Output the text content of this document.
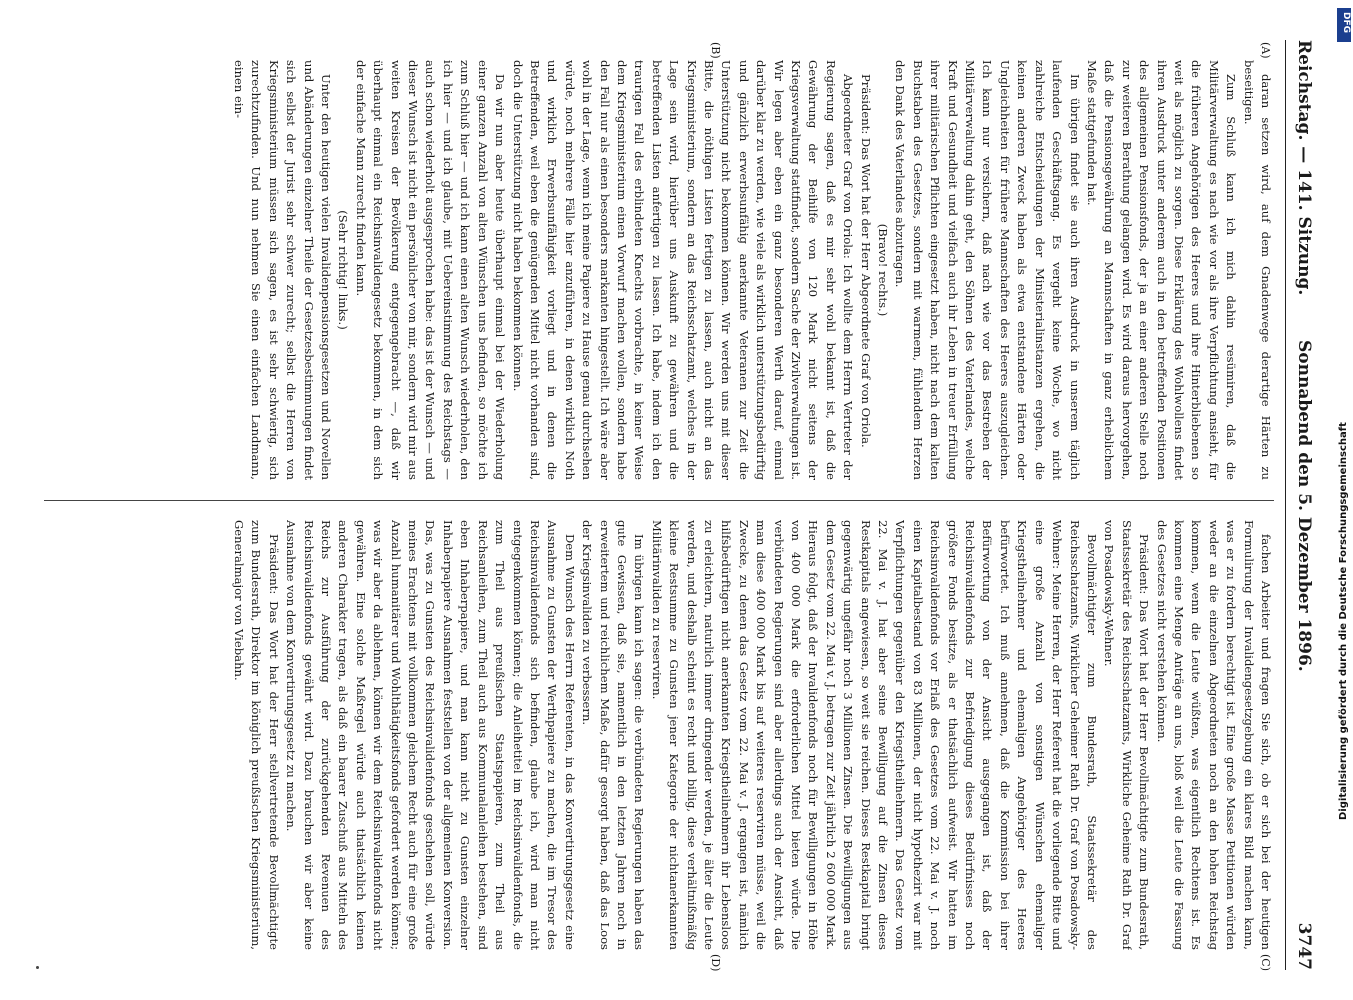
Reichstag. — 141. Sitzung.
Sonnabend den 5. Dezember 1896.
3747
(A)
(B)
(C)
(D)

daran setzen wird, auf dem Gnadenwege derartige Härten zu beseitigen.

Zum Schluß kann ich mich dahin resümiren, daß die Militärverwaltung es nach wie vor als ihre Verpflichtung ansieht, für die früheren Angehörigen des Heeres und ihre Hinterbliebenen so weit als möglich zu sorgen. Diese Erklärung des Wohlwollens findet ihren Ausdruck unter anderem auch in den betreffenden Positionen des allgemeinen Pensionsfonds, der ja an einer anderen Stelle noch zur weiteren Berathung gelangen wird. Es wird daraus hervorgehen, daß die Pensionsgewährung an Mannschaften in ganz erheblichem Maße stattgefunden hat.

Im übrigen findet sie auch ihren Ausdruck in unserem täglich laufenden Geschäftsgang. Es vergeht keine Woche, wo nicht zahlreiche Entscheidungen der Ministerialinstanzen ergehen, die keinen anderen Zweck haben als etwa entstandene Härten oder Ungleichheiten für frühere Mannschaften des Heeres auszugleichen. Ich kann nur versichern, daß nach wie vor das Bestreben der Militärverwaltung dahin geht, den Söhnen des Vaterlandes, welche Kraft und Gesundheit und vielfach auch ihr Leben in treuer Erfüllung ihrer militärischen Pflichten eingesetzt haben, nicht nach dem kalten Buchstaben des Gesetzes, sondern mit warmem, fühlendem Herzen den Dank des Vaterlandes abzutragen.

(Bravo! rechts.)

Präsident: Das Wort hat der Herr Abgeordnete Graf von Oriola.

Abgeordneter Graf von Oriola: Ich wollte dem Herrn Vertreter der Regierung sagen, daß es mir sehr wohl bekannt ist, daß die Gewährung der Beihilfe von 120 Mark nicht seitens der Kriegsverwaltung stattfindet, sondern Sache der Zivilverwaltungen ist. Wir legen aber eben ein ganz besonderen Werth darauf, einmal darüber klar zu werden, wie viele als wirklich unterstützungsbedürftig und gänzlich erwerbsunfähig anerkannte Veteranen zur Zeit die Unterstützung nicht bekommen können. Wir werden uns mit dieser Bitte, die nöthigen Listen fertigen zu lassen, auch nicht an das Kriegsministerium, sondern an das Reichsschatzamt, welches in der Lage sein wird, hierüber uns Auskunft zu gewähren und die betreffenden Listen anfertigen zu lassen. Ich habe, indem ich den traurigen Fall des erblindeten Knechts vorbrachte, in keiner Weise dem Kriegsministerium einen Vorwurf machen wollen, sondern habe den Fall nur als einen besonders markanten hingestellt. Ich wäre aber wohl in der Lage, wenn ich meine Papiere zu Hause genau durchsehen würde, noch mehrere Fälle hier anzuführen, in denen wirklich Noth und wirklich Erwerbsunfähigkeit vorliegt und in denen die Betreffenden, weil eben die genügenden Mittel nicht vorhanden sind, doch die Unterstützung nicht haben bekommen können.

Da wir nun aber heute überhaupt einmal bei der Wiederholung einer ganzen Anzahl von alten Wünschen uns befinden, so möchte ich zum Schluß hier — und ich kann einen alten Wunsch wiederholen, den ich hier — und ich glaube, mit Uebereinstimmung des Reichstags — auch schon wiederholt ausgesprochen habe: das ist der Wunsch — und dieser Wunsch ist nicht ein persönlicher von mir, sondern wird mir aus weiten Kreisen der Bevölkerung entgegengebracht —, daß wir überhaupt einmal ein Reichsinvalidengesetz bekommen, in dem sich der einfache Mann zurecht finden kann.

(Sehr richtig! links.)

Unter den heutigen vielen Invalidenpensionsgesetzen und Novellen und Abänderungen einzelner Theile der Gesetzesbestimmungen findet sich selbst der Jurist sehr schwer zurecht; selbst die Herren von Kriegsministerium müssen sich sagen, es ist sehr schwierig, sich zurechtzufinden. Und nun nehmen Sie einen einfachen Landmann, einen ein-

fachen Arbeiter und fragen Sie sich, ob er sich bei der heutigen Formulirung der Invalidengesetzgebung ein klares Bild machen kann, was er zu fordern berechtigt ist. Eine große Masse Petitionen würden weder an die einzelnen Abgeordneten noch an den hohen Reichstag kommen, wenn die Leute wüßten, was eigentlich Rechtens ist. Es kommen eine Menge Anträge an uns, bloß weil die Leute die Fassung des Gesetzes nicht verstehen können.

Präsident: Das Wort hat der Herr Bevollmächtigte zum Bundesrath, Staatssekretär des Reichsschatzamts, Wirkliche Geheime Rath Dr. Graf von Posadowsky-Wehner.

Bevollmächtigter zum Bundesrath, Staatssekretär des Reichsschatzamts, Wirklicher Geheimer Rath Dr. Graf von Posadowsky-Wehner: Meine Herren, der Herr Referent hat die vorliegende Bitte und eine große Anzahl von sonstigen Wünschen ehemaliger Kriegstheilnehmer und ehemaligen Angehöriger des Heeres befürwortet. Ich muß annehmen, daß die Kommission bei ihrer Befürwortung von der Ansicht ausgegangen ist, daß der Reichsinvalidenfonds zur Befriedigung dieses Bedürfnisses noch größere Fonds besitze, als er thatsächlich aufweist. Wir hatten im Reichsinvalidenfonds vor Erlaß des Gesetzes vom 22. Mai v. J. noch einen Kapitalbestand von 83 Millionen, der nicht hypothezirt war mit Verpflichtungen gegenüber den Kriegstheilnehmern. Das Gesetz vom 22. Mai v. J. hat aber seine Bewilligung auf die Zinsen dieses Restkapitals angewiesen, so weit sie reichen. Dieses Restkapital bringt gegenwärtig ungefähr noch 3 Millionen Zinsen. Die Bewilligungen aus dem Gesetz vom 22. Mai v. J. betragen zur Zeit jährlich 2 600 000 Mark. Hieraus folgt, daß der Invalidenfonds noch für Bewilligungen in Höhe von 400 000 Mark die erforderlichen Mittel bieten würde. Die verbündeten Regierungen sind aber allerdings auch der Ansicht, daß man diese 400 000 Mark bis auf weiteres reserviren müsse, weil die Zwecke, zu denen das Gesetz vom 22. Mai v. J. ergangen ist, nämlich hilfsbedürftigen nicht anerkannten Kriegstheilnehmern ihr Lebensloos zu erleichtern, naturlich immer dringender werden, je älter die Leute werden, und deshalb scheint es recht und billig, diese verhältnißmäßig kleine Restsumme zu Gunsten jener Kategorie der nichtanerkannten Militärinvaliden zu reserviren.

Im übrigen kann ich sagen: die verbündeten Regierungen haben das gute Gewissen, daß sie, namentlich in den letzten Jahren noch in erweitertem und reichlichem Maße, dafür gesorgt haben, daß das Loos der Kriegsinvaliden zu verbessern.

Dem Wunsch des Herrn Referenten, in das Konvertirungsgesetz eine Ausnahme zu Gunsten der Werthpapiere zu machen, die im Tresor des Reichsinvalidenfonds sich befinden, glaube ich, wird man nicht entgegenkommen können; die Anleihetitel im Reichsinvalidenfonds, die zum Theil aus preußischen Staatspapieren, zum Theil aus Reichsanleihen, zum Theil auch aus Kommunalanleihen bestehen, sind eben Inhaberpapiere, und man kann nicht zu Gunsten einzelner Inhaberpapiere Ausnahmen feststellen von der allgemeinen Konversion. Das, was zu Gunsten des Reichsinvalidenfonds geschehen soll, würde meines Erachtens mit vollkommen gleichem Recht auch für eine große Anzahl humanitärer und Wohlthätigkeitsfonds gefordert werden können; was wir aber da ablehnen, können wir dem Reichsinvalidenfonds nicht gewähren. Eine solche Maßregel würde auch thatsächlich keinen anderen Charakter tragen, als daß ein baarer Zuschuß aus Mitteln des Reichs zur Ausführung der zurückgehenden Revenuen des Reichsinvalidenfonds gewährt wird. Dazu brauchen wir aber keine Ausnahme von dem Konvertirungsgesetz zu machen.

Präsident: Das Wort hat der Herr stellvertretende Bevollmächtigte zum Bundesrath, Direktor im königlich preußischen Kriegsministerium, Generalmajor von Viebahn.

DFG
Digitalisierung gefördert durch die Deutsche Forschungsgemeinschaft
